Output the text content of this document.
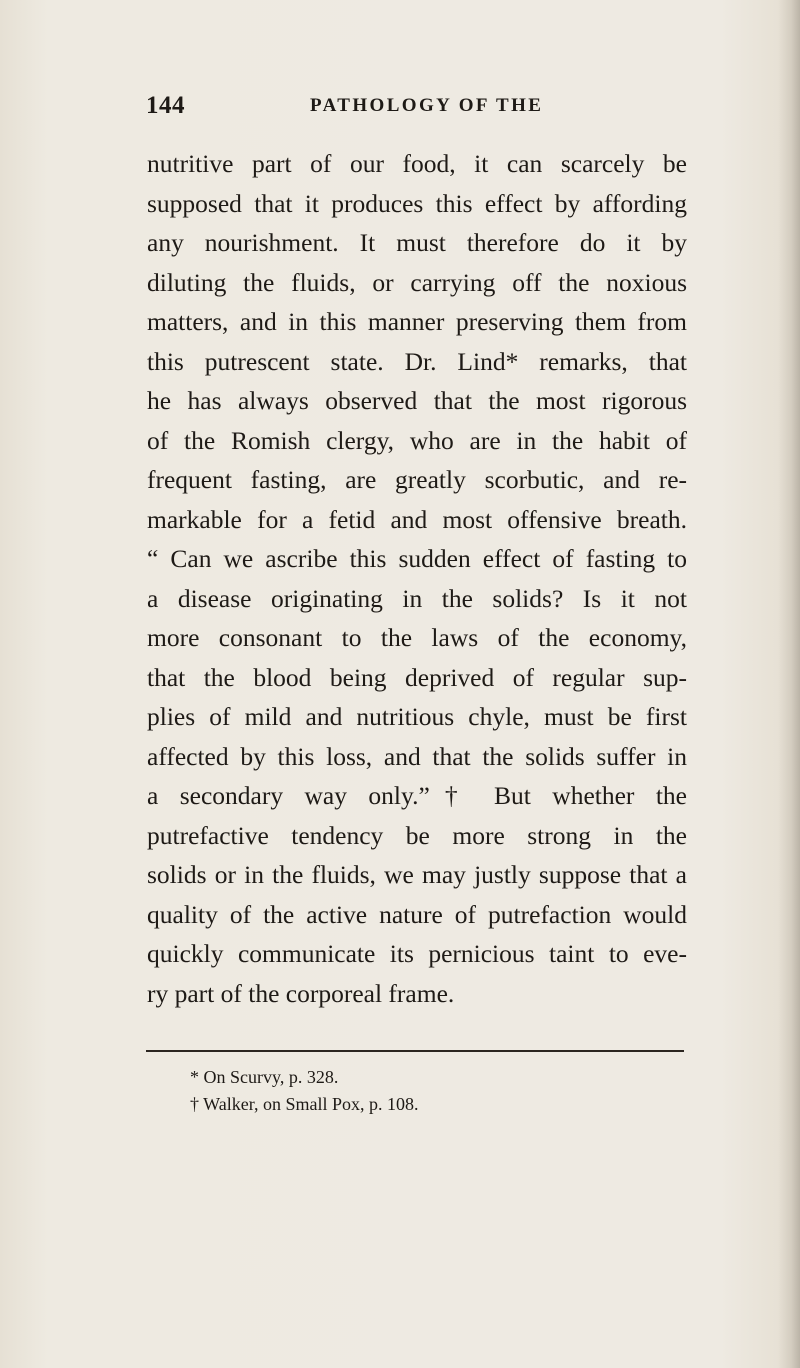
144	PATHOLOGY OF THE
nutritive part of our food, it can scarcely be
supposed that it produces this effect by affording
any nourishment. It must therefore do it by
diluting the fluids, or carrying off the noxious
matters, and in this manner preserving them from
this putrescent state. Dr. Lind* remarks, that
he has always observed that the most rigorous
of the Romish clergy, who are in the habit of
frequent fasting, are greatly scorbutic, and re-
markable for a fetid and most offensive breath.
“ Can we ascribe this sudden effect of fasting to
a disease originating in the solids? Is it not
more consonant to the laws of the economy,
that the blood being deprived of regular sup-
plies of mild and nutritious chyle, must be first
affected by this loss, and that the solids suffer in
a secondary way only.”† But whether the
putrefactive tendency be more strong in the
solids or in the fluids, we may justly suppose that a
quality of the active nature of putrefaction would
quickly communicate its pernicious taint to eve-
ry part of the corporeal frame.
* On Scurvy, p. 328.
† Walker, on Small Pox, p. 108.
